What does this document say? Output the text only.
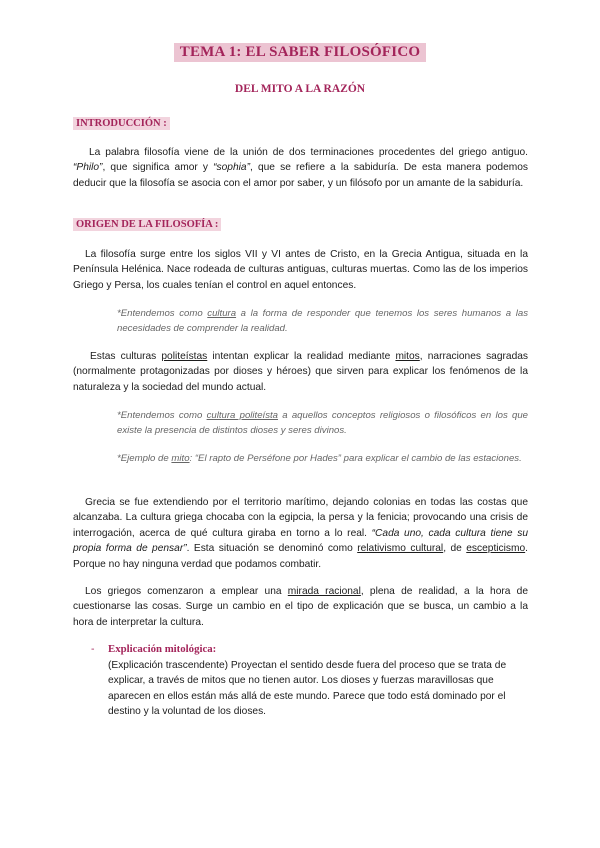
TEMA 1: EL SABER FILOSÓFICO
DEL MITO A LA RAZÓN
INTRODUCCIÓN :

La palabra filosofía viene de la unión de dos terminaciones procedentes del griego antiguo. “Philo”, que significa amor y “sophia”, que se refiere a la sabiduría. De esta manera podemos deducir que la filosofía se asocia con el amor por saber, y un filósofo por un amante de la sabiduría.

ORIGEN DE LA FILOSOFÍA :

La filosofía surge entre los siglos VII y VI antes de Cristo, en la Grecia Antigua, situada en la Península Helénica. Nace rodeada de culturas antiguas, culturas muertas. Como las de los imperios Griego y Persa, los cuales tenían el control en aquel entonces.

*Entendemos como cultura a la forma de responder que tenemos los seres humanos a las necesidades de comprender la realidad.

Estas culturas politeístas intentan explicar la realidad mediante mitos, narraciones sagradas (normalmente protagonizadas por dioses y héroes) que sirven para explicar los fenómenos de la naturaleza y la sociedad del mundo actual.

*Entendemos como cultura politeísta a aquellos conceptos religiosos o filosóficos en los que existe la presencia de distintos dioses y seres divinos.

*Ejemplo de mito: “El rapto de Perséfone por Hades” para explicar el cambio de las estaciones.

Grecia se fue extendiendo por el territorio marítimo, dejando colonias en todas las costas que alcanzaba. La cultura griega chocaba con la egipcia, la persa y la fenicia; provocando una crisis de interrogación, acerca de qué cultura giraba en torno a lo real. “Cada uno, cada cultura tiene su propia forma de pensar”. Esta situación se denominó como relativismo cultural, de escepticismo. Porque no hay ninguna verdad que podamos combatir.

Los griegos comenzaron a emplear una mirada racional, plena de realidad, a la hora de cuestionarse las cosas. Surge un cambio en el tipo de explicación que se busca, un cambio a la hora de interpretar la cultura.

- Explicación mitológica:

(Explicación trascendente) Proyectan el sentido desde fuera del proceso que se trata de explicar, a través de mitos que no tienen autor. Los dioses y fuerzas maravillosas que aparecen en ellos están más allá de este mundo. Parece que todo está dominado por el destino y la voluntad de los dioses.
